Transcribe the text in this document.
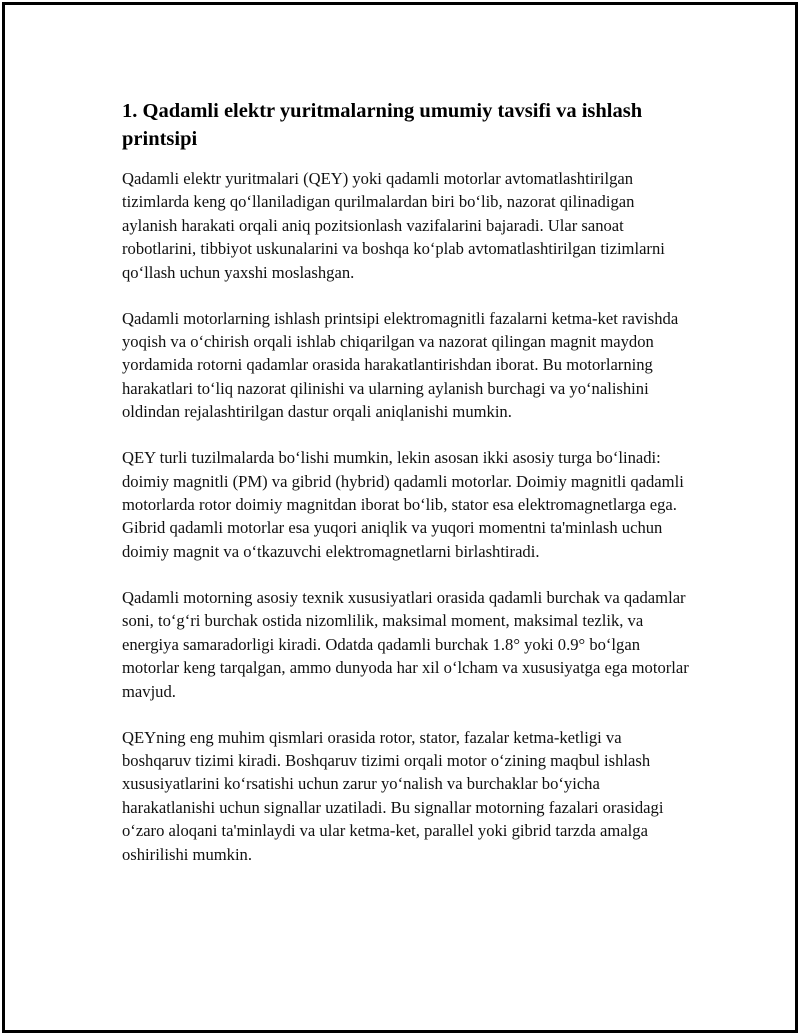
1. Qadamli elektr yuritmalarning umumiy tavsifi va ishlash printsipi

Qadamli elektr yuritmalari (QEY) yoki qadamli motorlar avtomatlashtirilgan tizimlarda keng qo‘llaniladigan qurilmalardan biri bo‘lib, nazorat qilinadigan aylanish harakati orqali aniq pozitsionlash vazifalarini bajaradi. Ular sanoat robotlarini, tibbiyot uskunalarini va boshqa ko‘plab avtomatlashtirilgan tizimlarni qo‘llash uchun yaxshi moslashgan.

Qadamli motorlarning ishlash printsipi elektromagnitli fazalarni ketma-ket ravishda yoqish va o‘chirish orqali ishlab chiqarilgan va nazorat qilingan magnit maydon yordamida rotorni qadamlar orasida harakatlantirishdan iborat. Bu motorlarning harakatlari to‘liq nazorat qilinishi va ularning aylanish burchagi va yo‘nalishini oldindan rejalashtirilgan dastur orqali aniqlanishi mumkin.

QEY turli tuzilmalarda bo‘lishi mumkin, lekin asosan ikki asosiy turga bo‘linadi: doimiy magnitli (PM) va gibrid (hybrid) qadamli motorlar. Doimiy magnitli qadamli motorlarda rotor doimiy magnitdan iborat bo‘lib, stator esa elektromagnetlarga ega. Gibrid qadamli motorlar esa yuqori aniqlik va yuqori momentni ta'minlash uchun doimiy magnit va o‘tkazuvchi elektromagnetlarni birlashtiradi.

Qadamli motorning asosiy texnik xususiyatlari orasida qadamli burchak va qadamlar soni, to‘g‘ri burchak ostida nizomlilik, maksimal moment, maksimal tezlik, va energiya samaradorligi kiradi. Odatda qadamli burchak 1.8° yoki 0.9° bo‘lgan motorlar keng tarqalgan, ammo dunyoda har xil o‘lcham va xususiyatga ega motorlar mavjud.

QEYning eng muhim qismlari orasida rotor, stator, fazalar ketma-ketligi va boshqaruv tizimi kiradi. Boshqaruv tizimi orqali motor o‘zining maqbul ishlash xususiyatlarini ko‘rsatishi uchun zarur yo‘nalish va burchaklar bo‘yicha harakatlanishi uchun signallar uzatiladi. Bu signallar motorning fazalari orasidagi o‘zaro aloqani ta'minlaydi va ular ketma-ket, parallel yoki gibrid tarzda amalga oshirilishi mumkin.
